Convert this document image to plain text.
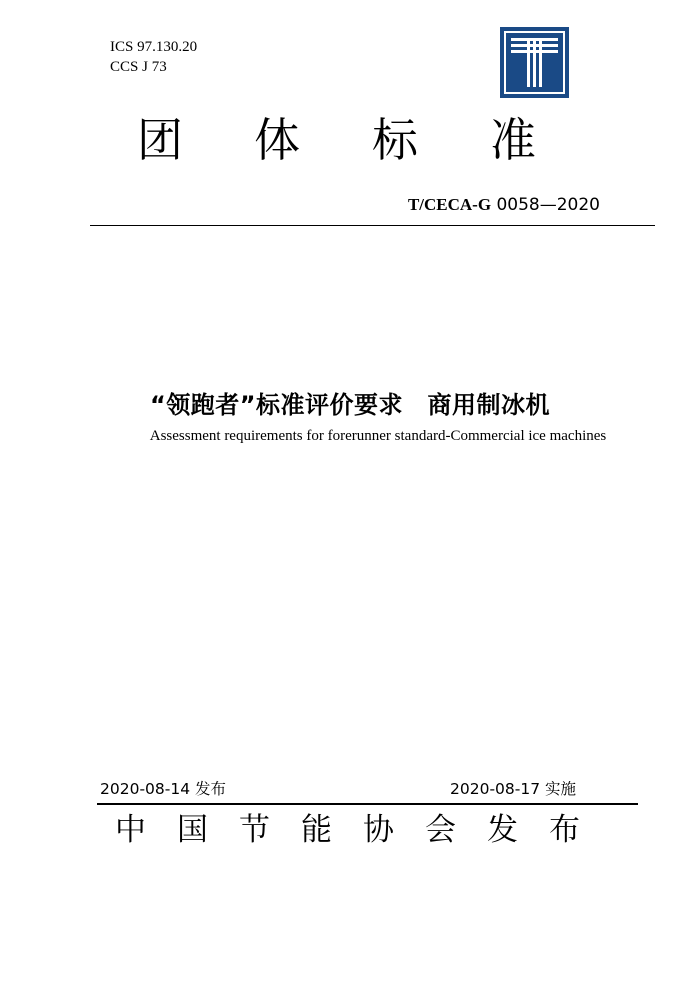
ICS 97.130.20
CCS J 73
团 体 标 准
T/CECA-G 0058—2020
“领跑者”标准评价要求　商用制冰机
Assessment requirements for forerunner standard-Commercial ice machines
2020-08-14 发布	2020-08-17 实施
中 国 节 能 协 会 发 布
